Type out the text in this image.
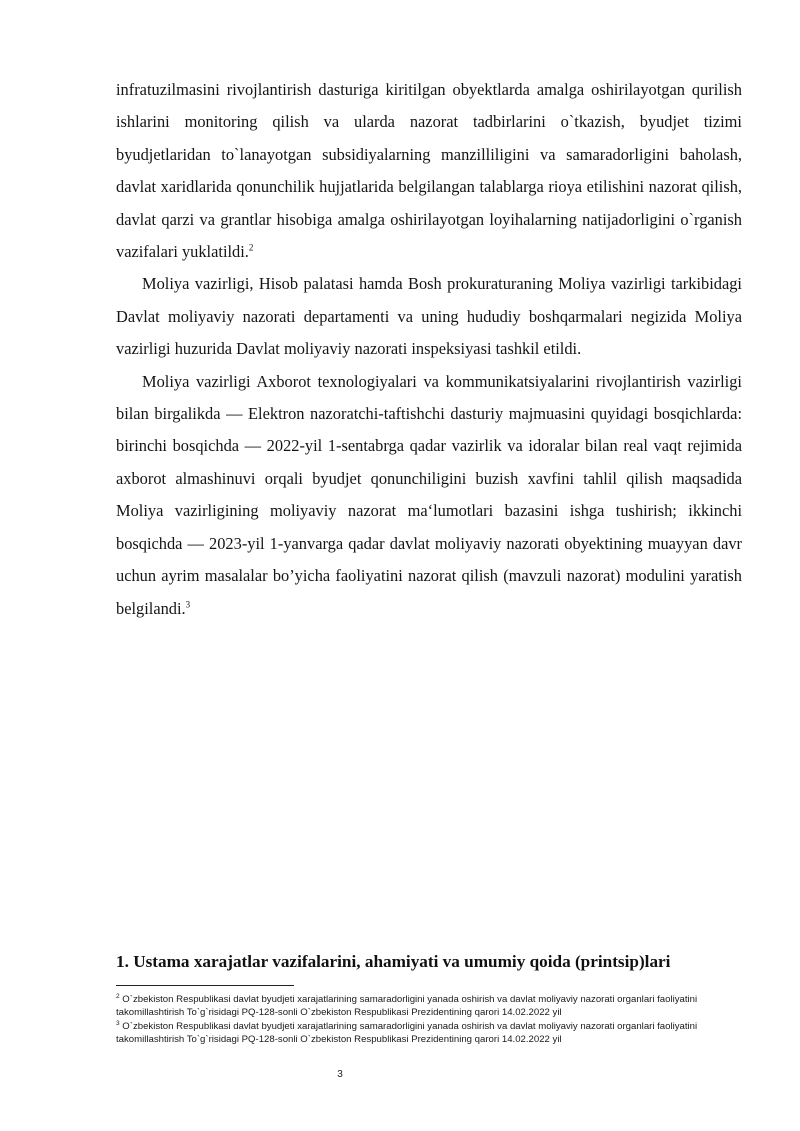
infratuzilmasini rivojlantirish dasturiga kiritilgan obyektlarda amalga oshirilayotgan qurilish ishlarini monitoring qilish va ularda nazorat tadbirlarini o`tkazish, byudjet tizimi byudjetlaridan to`lanayotgan subsidiyalarning manzilliligini va samaradorligini baholash, davlat xaridlarida qonunchilik hujjatlarida belgilangan talablarga rioya etilishini nazorat qilish, davlat qarzi va grantlar hisobiga amalga oshirilayotgan loyihalarning natijadorligini o`rganish vazifalari yuklatildi.$^2$

Moliya vazirligi, Hisob palatasi hamda Bosh prokuraturaning Moliya vazirligi tarkibidagi Davlat moliyaviy nazorati departamenti va uning hududiy boshqarmalari negizida Moliya vazirligi huzurida Davlat moliyaviy nazorati inspeksiyasi tashkil etildi.

Moliya vazirligi Axborot texnologiyalari va kommunikatsiyalarini rivojlantirish vazirligi bilan birgalikda — Elektron nazoratchi-taftishchi dasturiy majmuasini quyidagi bosqichlarda: birinchi bosqichda — 2022-yil 1-sentabrga qadar vazirlik va idoralar bilan real vaqt rejimida axborot almashinuvi orqali byudjet qonunchiligini buzish xavfini tahlil qilish maqsadida Moliya vazirligining moliyaviy nazorat ma‘lumotlari bazasini ishga tushirish; ikkinchi bosqichda — 2023-yil 1-yanvarga qadar davlat moliyaviy nazorati obyektining muayyan davr uchun ayrim masalalar bo’yicha faoliyatini nazorat qilish (mavzuli nazorat) modulini yaratish belgilandi.$^3$

1. Ustama xarajatlar vazifalarini, ahamiyati va umumiy qoida (printsip)lari

$^2$ O`zbekiston Respublikasi davlat byudjeti xarajatlarining samaradorligini yanada oshirish va davlat moliyaviy nazorati organlari faoliyatini takomillashtirish To`g`risidagi PQ-128-sonli O`zbekiston Respublikasi Prezidentining qarori 14.02.2022 yil

$^3$ O`zbekiston Respublikasi davlat byudjeti xarajatlarining samaradorligini yanada oshirish va davlat moliyaviy nazorati organlari faoliyatini takomillashtirish To`g`risidagi PQ-128-sonli O`zbekiston Respublikasi Prezidentining qarori 14.02.2022 yil

3
